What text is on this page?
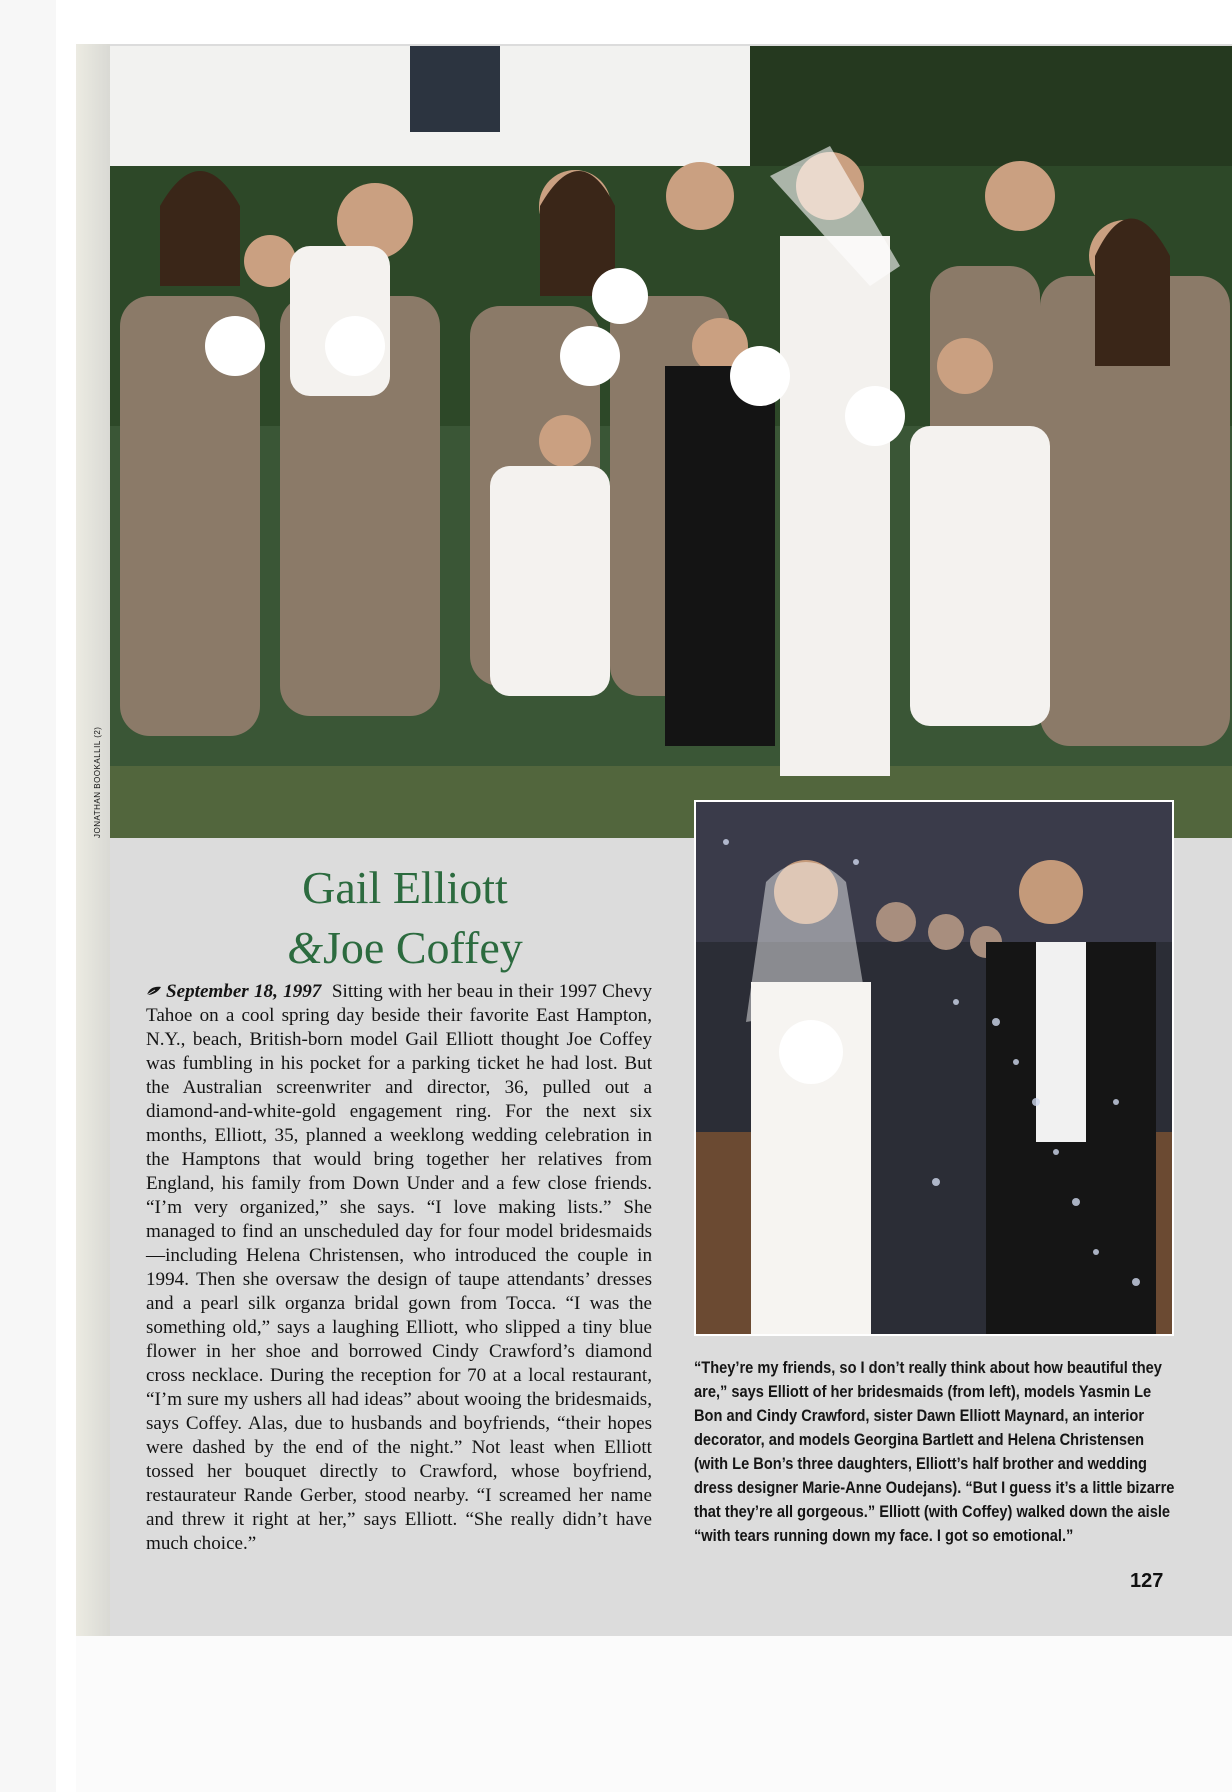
JONATHAN BOOKALLIL (2)
Gail Elliott
&Joe Coffey
September 18, 1997 Sitting with her beau in their 1997 Chevy Tahoe on a cool spring day beside their favorite East Hampton, N.Y., beach, British-born model Gail Elliott thought Joe Coffey was fumbling in his pocket for a parking ticket he had lost. But the Australian screenwriter and director, 36, pulled out a diamond-and-white-gold engagement ring. For the next six months, Elliott, 35, planned a weeklong wedding celebration in the Hamptons that would bring together her relatives from England, his family from Down Under and a few close friends. “I’m very organized,” she says. “I love making lists.” She managed to find an unscheduled day for four model bridesmaids—including Helena Christensen, who introduced the couple in 1994. Then she oversaw the design of taupe attendants’ dresses and a pearl silk organza bridal gown from Tocca. “I was the something old,” says a laughing Elliott, who slipped a tiny blue flower in her shoe and borrowed Cindy Crawford’s diamond cross necklace. During the reception for 70 at a local restaurant, “I’m sure my ushers all had ideas” about wooing the bridesmaids, says Coffey. Alas, due to husbands and boyfriends, “their hopes were dashed by the end of the night.” Not least when Elliott tossed her bouquet directly to Crawford, whose boyfriend, restaurateur Rande Gerber, stood nearby. “I screamed her name and threw it right at her,” says Elliott. “She really didn’t have much choice.”
“They’re my friends, so I don’t really think about how beautiful they are,” says Elliott of her bridesmaids (from left), models Yasmin Le Bon and Cindy Crawford, sister Dawn Elliott Maynard, an interior decorator, and models Georgina Bartlett and Helena Christensen (with Le Bon’s three daughters, Elliott’s half brother and wedding dress designer Marie-Anne Oudejans). “But I guess it’s a little bizarre that they’re all gorgeous.” Elliott (with Coffey) walked down the aisle “with tears running down my face. I got so emotional.”
127
